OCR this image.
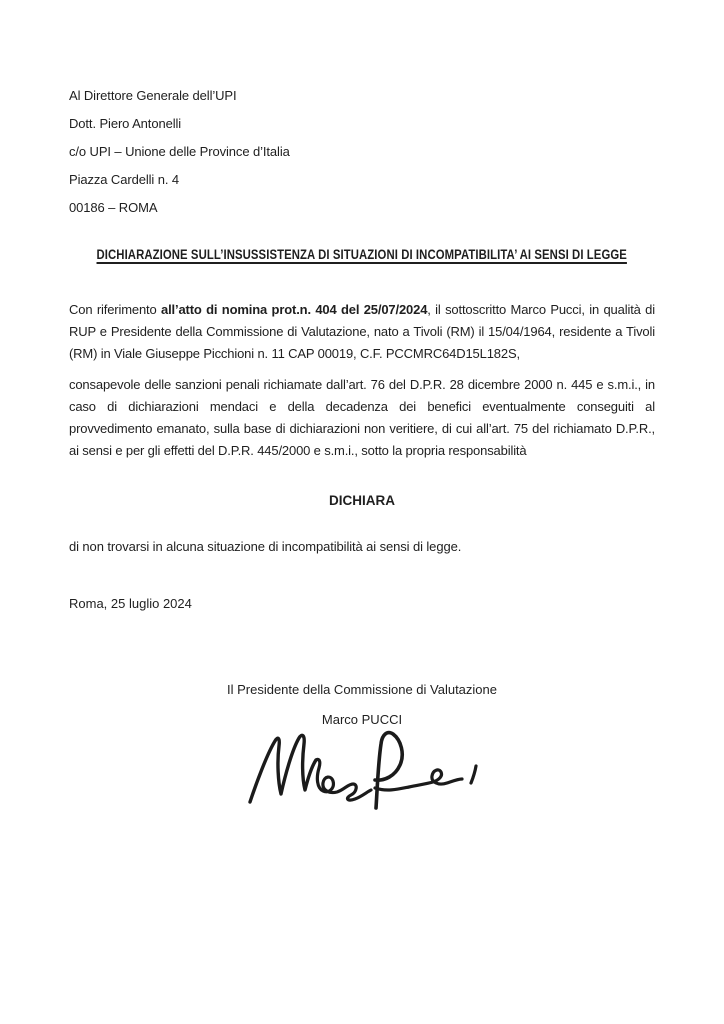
Al Direttore Generale dell’UPI

Dott. Piero Antonelli

c/o UPI – Unione delle Province d’Italia

Piazza Cardelli n. 4

00186 – ROMA

DICHIARAZIONE SULL’INSUSSISTENZA DI SITUAZIONI DI INCOMPATIBILITA’ AI SENSI DI LEGGE

Con riferimento all’atto di nomina prot.n. 404 del 25/07/2024, il sottoscritto Marco Pucci, in qualità di RUP e Presidente della Commissione di Valutazione, nato a Tivoli (RM) il 15/04/1964, residente a Tivoli (RM) in Viale Giuseppe Picchioni n. 11 CAP 00019, C.F. PCCMRC64D15L182S,

consapevole delle sanzioni penali richiamate dall’art. 76 del D.P.R. 28 dicembre 2000 n. 445 e s.m.i., in caso di dichiarazioni mendaci e della decadenza dei benefici eventualmente conseguiti al provvedimento emanato, sulla base di dichiarazioni non veritiere, di cui all’art. 75 del richiamato D.P.R., ai sensi e per gli effetti del D.P.R. 445/2000 e s.m.i., sotto la propria responsabilità

DICHIARA

di non trovarsi in alcuna situazione di incompatibilità ai sensi di legge.

Roma, 25 luglio 2024

Il Presidente della Commissione di Valutazione
Marco PUCCI
